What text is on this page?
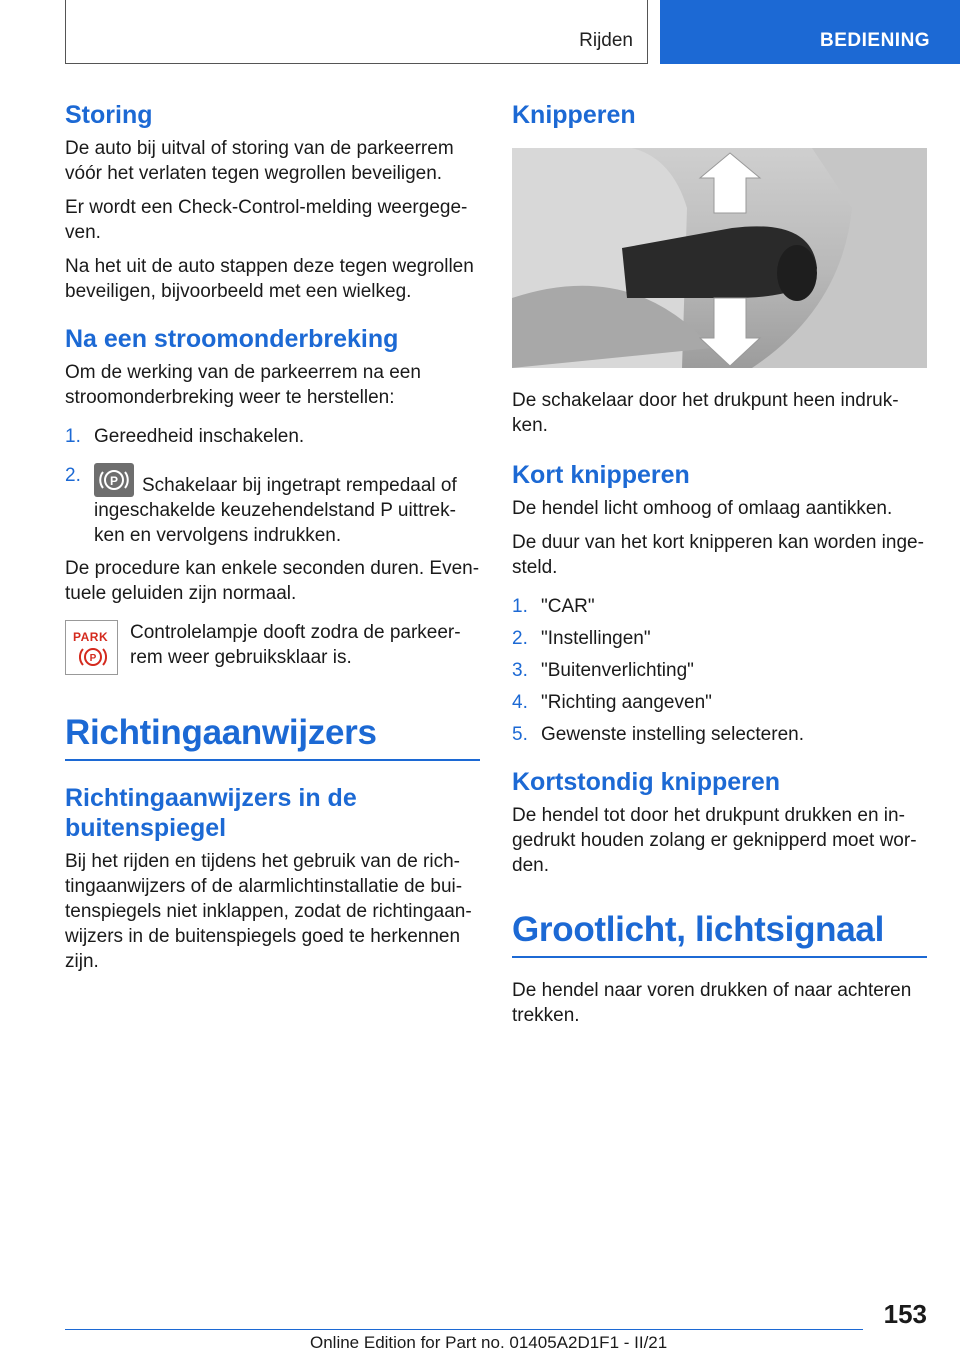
Rijden	BEDIENING
Storing

De auto bij uitval of storing van de parkeerrem vóór het verlaten tegen wegrollen beveiligen.

Er wordt een Check-Control-melding weergege-ven.

Na het uit de auto stappen deze tegen wegrollen beveiligen, bijvoorbeeld met een wielkeg.

Na een stroomonderbreking

Om de werking van de parkeerrem na een stroomonderbreking weer te herstellen:

1. Gereedheid inschakelen.
2. P Schakelaar bij ingetrapt rempedaal of ingeschakelde keuzehendelstand P uittrek-ken en vervolgens indrukken.

De procedure kan enkele seconden duren. Even-tuele geluiden zijn normaal.

PARK
P

Controlelampje dooft zodra de parkeer-rem weer gebruiksklaar is.

Richtingaanwijzers
Richtingaanwijzers in de buitenspiegel

Bij het rijden en tijdens het gebruik van de rich-tingaanwijzers of de alarmlichtinstallatie de bui-tenspiegels niet inklappen, zodat de richtingaan-wijzers in de buitenspiegels goed te herkennen zijn.

Knipperen

De schakelaar door het drukpunt heen indruk-ken.

Kort knipperen

De hendel licht omhoog of omlaag aantikken.

De duur van het kort knipperen kan worden inge-steld.

1. "CAR"
2. "Instellingen"
3. "Buitenverlichting"
4. "Richting aangeven"
5. Gewenste instelling selecteren.
Kortstondig knipperen

De hendel tot door het drukpunt drukken en in-gedrukt houden zolang er geknipperd moet wor-den.

Grootlicht, lichtsignaal

De hendel naar voren drukken of naar achteren trekken.

153
Online Edition for Part no. 01405A2D1F1 - II/21
